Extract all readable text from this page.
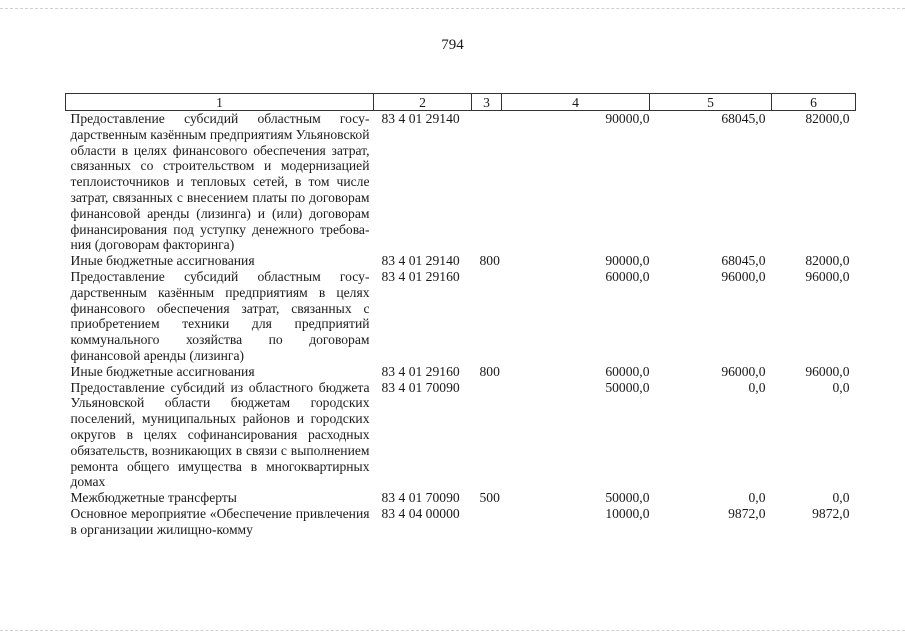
794
1	2	3	4	5	6
Предоставление субсидий областным государственным казённым предприятиям Ульяновской области в целях финансового обеспечения затрат, связанных со строительством и модернизацией теплоисточников и тепловых сетей, в том числе затрат, связанных с внесением платы по договорам финансовой аренды (лизинга) и (или) договорам финансирования под уступку денежного требования (договорам факторинга)	83 4 01 29140		90000,0	68045,0	82000,0
Иные бюджетные ассигнования	83 4 01 29140	800	90000,0	68045,0	82000,0
Предоставление субсидий областным государственным казённым предприятиям в целях финансового обеспечения затрат, связанных с приобретением техники для предприятий коммунального хозяйства по договорам финансовой аренды (лизинга)	83 4 01 29160		60000,0	96000,0	96000,0
Иные бюджетные ассигнования	83 4 01 29160	800	60000,0	96000,0	96000,0
Предоставление субсидий из областного бюджета Ульяновской области бюджетам городских поселений, муниципальных районов и городских округов в целях софинансирования расходных обязательств, возникающих в связи с выполнением ремонта общего имущества в многоквартирных домах	83 4 01 70090		50000,0	0,0	0,0
Межбюджетные трансферты	83 4 01 70090	500	50000,0	0,0	0,0
Основное мероприятие «Обеспечение привлечения в организации жилищно-комму	83 4 04 00000		10000,0	9872,0	9872,0
